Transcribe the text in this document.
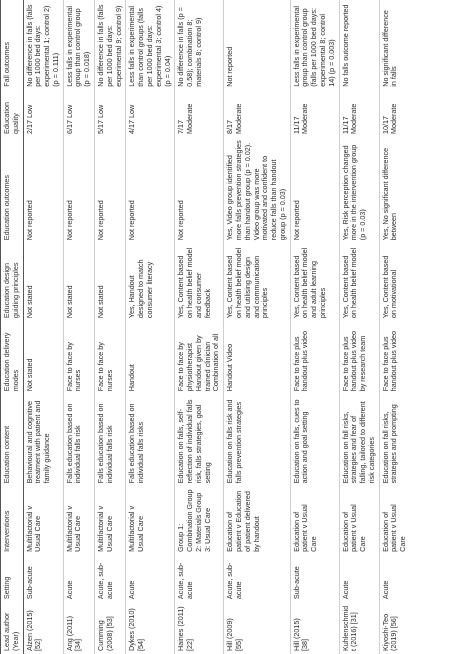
Lead author (Year)	Setting	Interventions	Education content	Education delivery modes	Education design guiding principles	Education outcomes	Education quality	Fall outcomes
Alzen (2015) [52]	Sub-acute	Multifactorial v Usual Care	Behavioural and cognitive treatment with patient and family guidance	Not stated	Not stated	Not reported	2/17 Low	No difference in falls (falls per 1000 bed days: experimental 1; control 2) (p = 0.111)
Ang (2011) [34]	Acute	Multifactorial v Usual Care	Falls education based on individual falls risk	Face to face by nurses	Not stated	Not reported	6/17 Low	Less falls in experimental group than control group (p = 0.018)
Cumming (2008) [53]	Acute, sub-acute	Multifactorial v Usual Care	Falls education based on individual falls risk	Face to face by nurses	Not stated	Not reported	5/17 Low	No difference in falls (falls per 1000 bed days: experimental 9; control 9)
Dykes (2010) [54]	Acute	Multifactorial v Usual Care	Falls education based on individual falls risks	Handout	Yes, Handout designed to match consumer literacy	Not reported	4/17 Low	Less falls in experimental than control groups (falls per 1000 bed days: experimental 3; control 4) (p = 0.04)
Haines (2011) [22]	Acute, sub-acute	Group 1: Combination Group 2: Materials Group 3: Usual Care	Education on falls, self-reflection of individual falls risk, falls strategies, goal setting	Face to face by physiotherapist Handout given by trained clinician Combination of all	Yes, Content based on health belief model and consumer feedback	Not reported	7/17 Moderate	No difference in falls (p = 0.58); combination 8; materials 8; control 9)
Hill (2009) [55]	Acute, sub-acute	Education of patient v Education of patient delivered by handout	Education on falls risk and falls prevention strategies	Handout Video	Yes, Content based on health belief model and utilising design and communication principles	Yes, Video group identified more falls prevention strategies than handout group (p = 0.02). Video group was more motivated and confident to reduce falls than handout group (p = 0.03)	8/17 Moderate	Not reported
Hill (2015) [38]	Sub-acute	Education of patient v Usual Care	Education on falls, cues to action and goal setting	Face to face plus handout plus video	Yes, Content based on health belief model and adult learning principles	Not reported	11/17 Moderate	Less falls in experimental group than control group (falls per 1000 bed days: experimental 8; control 14) (p = 0.003)
Kuhlenschmidt (2016) [31]	Acute	Education of patient v Usual Care	Education on fall risks, strategies and fear of falling, tailored to different risk categories	Face to face plus handout plus video by research team	Yes, Content based on health belief model	Yes, Risk perception changed more in the intervention group (p = 0.03)	11/17 Moderate	No falls outcome reported
Kiyoshi-Teo (2019) [56]	Acute	Education of patient v Usual Care	Education on fall risks, strategies and prompting	Face to face plus handout plus video	Yes, Content based on motivational	Yes, No significant difference between	10/17 Moderate	No significant difference in falls
